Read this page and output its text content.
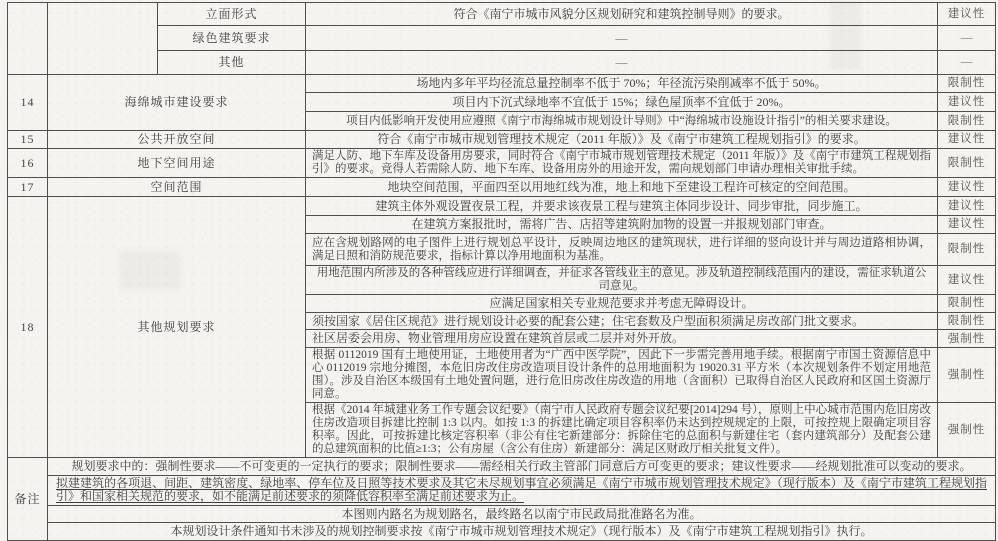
		立面形式	符合《南宁市城市风貌分区规划研究和建筑控制导则》的要求。	建议性
		绿色建筑要求	—	—
		其他	—	—
14	海绵城市建设要求		场地内多年平均径流总量控制率不低于 70%；年径流污染削减率不低于 50%。	限制性
			项目内下沉式绿地率不宜低于 15%；绿色屋顶率不宜低于 20%。	建议性
			项目内低影响开发使用应遵照《南宁市海绵城市规划设计导则》中“海绵城市设施设计指引”的相关要求建设。	限制性
15	公共开放空间		符合《南宁市城市规划管理技术规定（2011 年版）》及《南宁市建筑工程规划指引》的要求。	建议性
16	地下空间用途		满足人防、地下车库及设备用房要求，同时符合《南宁市城市规划管理技术规定（2011 年版）》及《南宁市建筑工程规划指引》的要求。竞得人若需除人防、地下车库、设备用房外的用途开发，需向规划部门申请办理相关审批手续。	限制性
17	空间范围		地块空间范围，平面四至以用地红线为准，地上和地下至建设工程许可核定的空间范围。	建议性
18	其他规划要求		建筑主体外观设置夜景工程，并要求该夜景工程与建筑主体同步设计、同步审批，同步施工。	建议性
			在建筑方案报批时，需将广告、店招等建筑附加物的设置一并报规划部门审查。	建议性
			应在含规划路网的电子图件上进行规划总平设计，反映周边地区的建筑现状，进行详细的竖向设计并与周边道路相协调，满足日照和消防规范要求，指标计算以净用地面积为基准。	限制性
			用地范围内所涉及的各种管线应进行详细调查，并征求各管线业主的意见。涉及轨道控制线范围内的建设，需征求轨道公司意见。	建议性
			应满足国家相关专业规范要求并考虑无障碍设计。	限制性
			须按国家《居住区规范》进行规划设计必要的配套公建；住宅套数及户型面积须满足房改部门批文要求。	限制性
			社区居委会用房、物业管理用房应设置在建筑首层或二层并对外开放。	强制性
			根据 0112019 国有土地使用证，土地使用者为“广西中医学院”，因此下一步需完善用地手续。根据南宁市国土资源信息中心 0112019 宗地分摊图，本危旧房改住房改造项目设计条件的总用地面积为 19020.31 平方米（本次规划条件不划定用地范围）。涉及自治区本级国有土地处置问题，进行危旧房改住房改造的用地（含面积）已取得自治区人民政府和区国土资源厅同意。	强制性
			根据《2014 年城建业务工作专题会议纪要》（南宁市人民政府专题会议纪要[2014]294 号），原则上中心城市范围内危旧房改住房改造项目拆建比控制 1:3 以内。如按 1:3 的拆建比确定项目容积率仍未达到控规规定的上限，可按控规上限确定项目容积率。因此，可按拆建比核定容积率（非公有住宅新建部分：拆除住宅的总面积与新建住宅（套内建筑部分）及配套公建的总建筑面积的比值≥1:3；公有房屋（含公有住房）新建部分：满足区财政厅相关批复文件）。	强制性
备注	规划要求中的：强制性要求——不可变更的一定执行的要求；限制性要求——需经相关行政主管部门同意后方可变更的要求；建议性要求——经规划批准可以变动的要求。			
	拟建建筑的各项退、间距、建筑密度、绿地率、停车位及日照等技术要求及其它未尽规划事宜必须满足《南宁市城市规划管理技术规定》（现行版本）及《南宁市建筑工程规划指引》和国家相关规范的要求，如不能满足前述要求的须降低容积率至满足前述要求为止。			
	本图则内路名为规划路名，最终路名以南宁市民政局批准路名为准。			
	本规划设计条件通知书未涉及的规划控制要求按《南宁市城市规划管理技术规定》（现行版本）及《南宁市建筑工程规划指引》执行。			
